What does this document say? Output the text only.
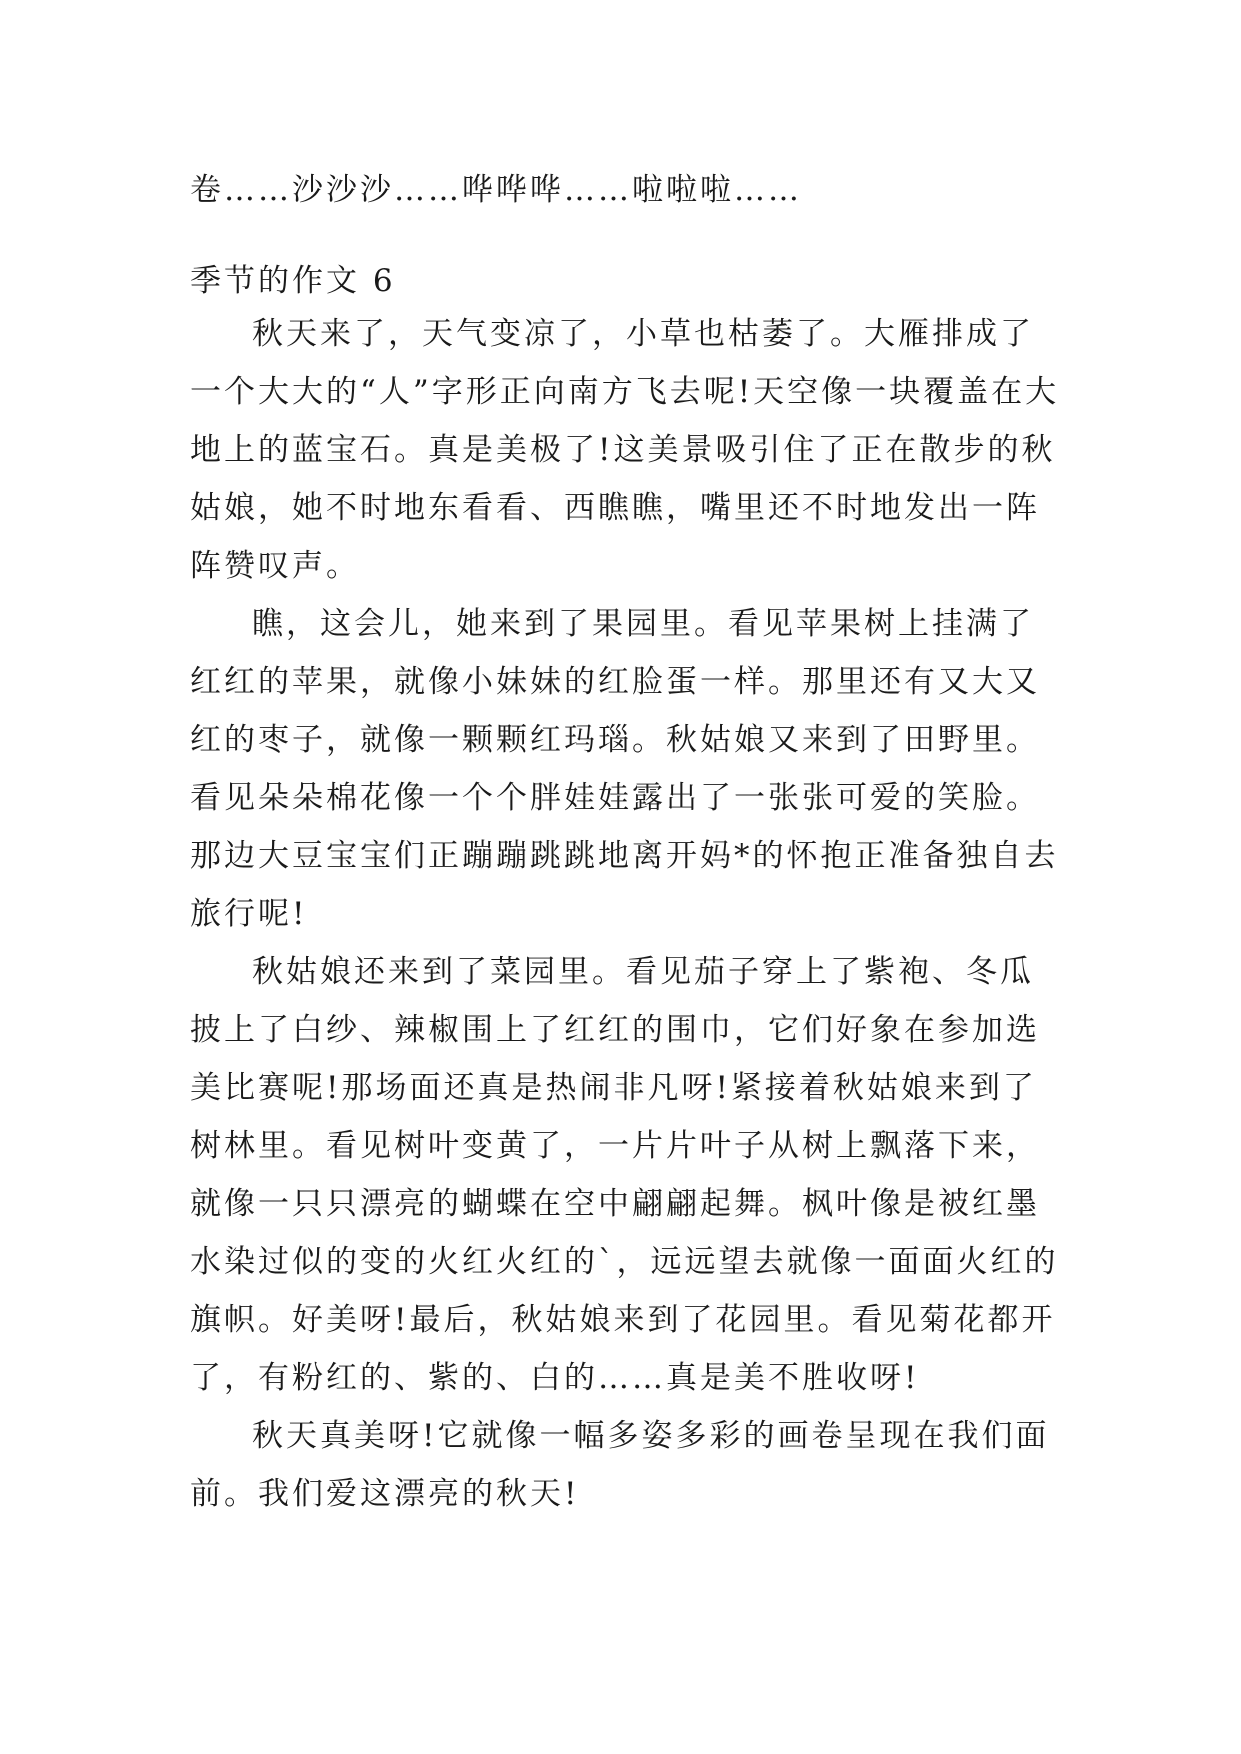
卷……沙沙沙……哗哗哗……啦啦啦……
季节的作文 6

秋天来了，天气变凉了，小草也枯萎了。大雁排成了一个大大的“人”字形正向南方飞去呢!天空像一块覆盖在大地上的蓝宝石。真是美极了!这美景吸引住了正在散步的秋姑娘，她不时地东看看、西瞧瞧，嘴里还不时地发出一阵阵赞叹声。

瞧，这会儿，她来到了果园里。看见苹果树上挂满了红红的苹果，就像小妹妹的红脸蛋一样。那里还有又大又红的枣子，就像一颗颗红玛瑙。秋姑娘又来到了田野里。看见朵朵棉花像一个个胖娃娃露出了一张张可爱的笑脸。那边大豆宝宝们正蹦蹦跳跳地离开妈*的怀抱正准备独自去旅行呢!

秋姑娘还来到了菜园里。看见茄子穿上了紫袍、冬瓜披上了白纱、辣椒围上了红红的围巾，它们好象在参加选美比赛呢!那场面还真是热闹非凡呀!紧接着秋姑娘来到了树林里。看见树叶变黄了，一片片叶子从树上飘落下来，就像一只只漂亮的蝴蝶在空中翩翩起舞。枫叶像是被红墨水染过似的变的火红火红的`，远远望去就像一面面火红的旗帜。好美呀!最后，秋姑娘来到了花园里。看见菊花都开了，有粉红的、紫的、白的……真是美不胜收呀!

秋天真美呀!它就像一幅多姿多彩的画卷呈现在我们面前。我们爱这漂亮的秋天!
